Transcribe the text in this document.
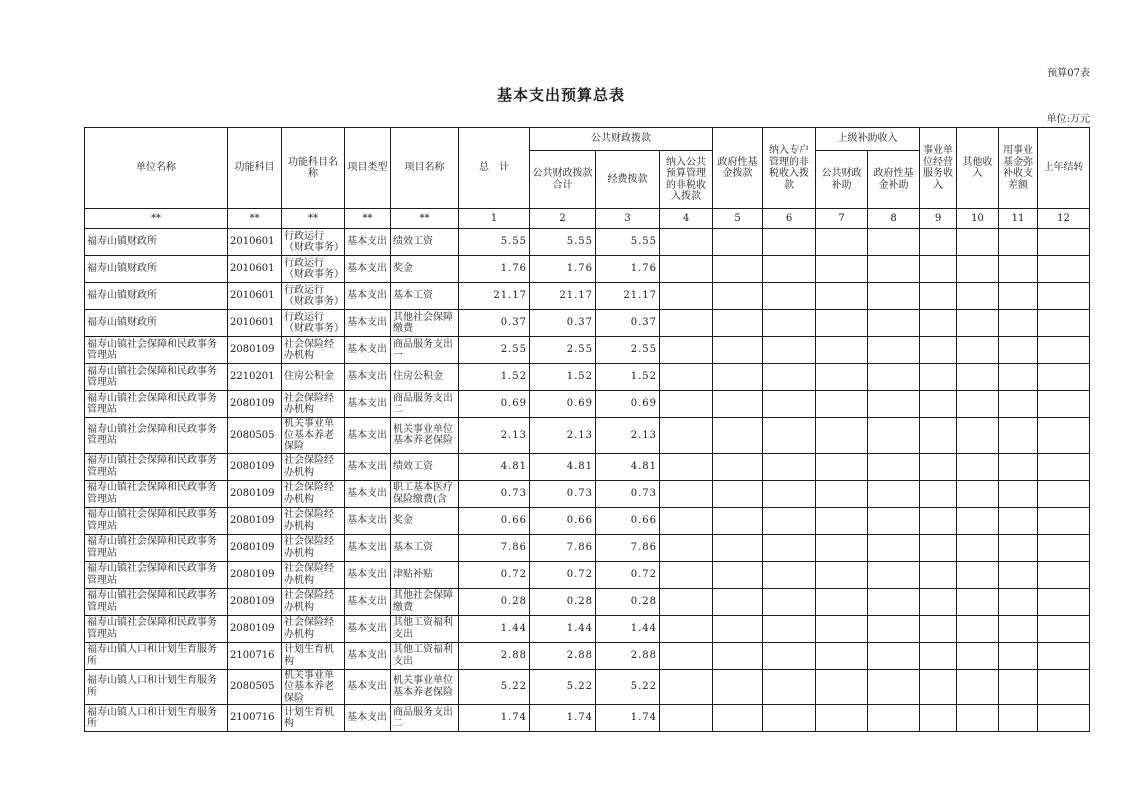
预算07表
基本支出预算总表
单位:万元
单位名称	功能科目	功能科目名称	项目类型	项目名称	总　计	公共财政拨款			政府性基金拨款	纳入专户管理的非税收入拨款	上级补助收入		事业单位经营服务收入	其他收入	用事业基金弥补收支差额	上年结转
						公共财政拨款合计	经费拨款	纳入公共预算管理的非税收入拨款			公共财政补助	政府性基金补助				
**	**	**	**	**	1	2	3	4	5	6	7	8	9	10	11	12
福寿山镇财政所	2010601	行政运行（财政事务）	基本支出	绩效工资	5.55	5.55	5.55									
福寿山镇财政所	2010601	行政运行（财政事务）	基本支出	奖金	1.76	1.76	1.76									
福寿山镇财政所	2010601	行政运行（财政事务）	基本支出	基本工资	21.17	21.17	21.17									
福寿山镇财政所	2010601	行政运行（财政事务）	基本支出	其他社会保障缴费	0.37	0.37	0.37									
福寿山镇社会保障和民政事务管理站	2080109	社会保险经办机构	基本支出	商品服务支出一	2.55	2.55	2.55									
福寿山镇社会保障和民政事务管理站	2210201	住房公积金	基本支出	住房公积金	1.52	1.52	1.52									
福寿山镇社会保障和民政事务管理站	2080109	社会保险经办机构	基本支出	商品服务支出二	0.69	0.69	0.69									
福寿山镇社会保障和民政事务管理站	2080505	机关事业单位基本养老保险	基本支出	机关事业单位基本养老保险	2.13	2.13	2.13									
福寿山镇社会保障和民政事务管理站	2080109	社会保险经办机构	基本支出	绩效工资	4.81	4.81	4.81									
福寿山镇社会保障和民政事务管理站	2080109	社会保险经办机构	基本支出	职工基本医疗保险缴费(含	0.73	0.73	0.73									
福寿山镇社会保障和民政事务管理站	2080109	社会保险经办机构	基本支出	奖金	0.66	0.66	0.66									
福寿山镇社会保障和民政事务管理站	2080109	社会保险经办机构	基本支出	基本工资	7.86	7.86	7.86									
福寿山镇社会保障和民政事务管理站	2080109	社会保险经办机构	基本支出	津贴补贴	0.72	0.72	0.72									
福寿山镇社会保障和民政事务管理站	2080109	社会保险经办机构	基本支出	其他社会保障缴费	0.28	0.28	0.28									
福寿山镇社会保障和民政事务管理站	2080109	社会保险经办机构	基本支出	其他工资福利支出	1.44	1.44	1.44									
福寿山镇人口和计划生育服务所	2100716	计划生育机构	基本支出	其他工资福利支出	2.88	2.88	2.88									
福寿山镇人口和计划生育服务所	2080505	机关事业单位基本养老保险	基本支出	机关事业单位基本养老保险	5.22	5.22	5.22									
福寿山镇人口和计划生育服务所	2100716	计划生育机构	基本支出	商品服务支出二	1.74	1.74	1.74									
